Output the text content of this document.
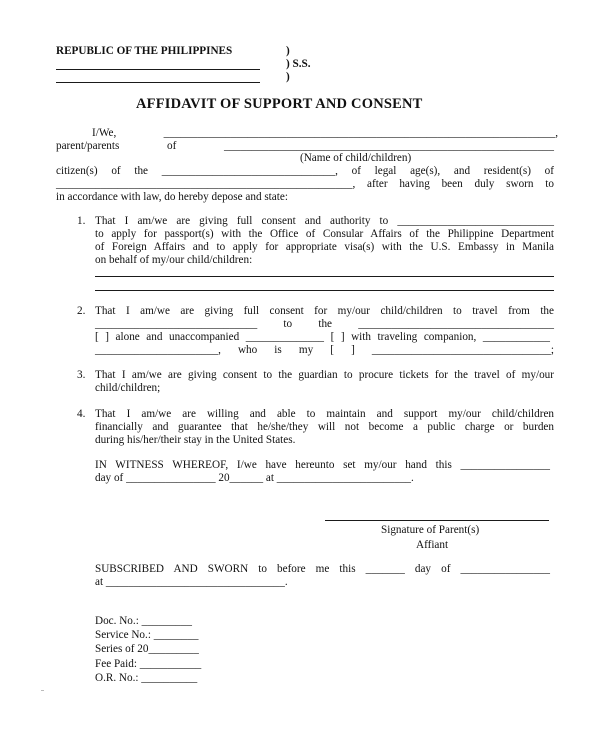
REPUBLIC OF THE PHILIPPINES	)
) S.S.
)
AFFIDAVIT OF SUPPORT AND CONSENT
I/We, ______________________________________________________________________,
parent/parents of ___________________________________________________________
(Name of child/children)
citizen(s) of the _______________________________, of legal age(s), and resident(s) of
_____________________________________________________, after having been duly sworn to
in accordance with law, do hereby depose and state:
1. That I am/we are giving full consent and authority to ____________________________
to apply for passport(s) with the Office of Consular Affairs of the Philippine Department
of Foreign Affairs and to apply for appropriate visa(s) with the U.S. Embassy in Manila
on behalf of my/our child/children:
2. That I am/we are giving full consent for my/our child/children to travel from the
_____________________________ to the ___________________________________
[ ] alone and unaccompanied ______________ [ ] with traveling companion, ____________
______________________, who is my [ ] ________________________________;
3. That I am/we are giving consent to the guardian to procure tickets for the travel of my/our
child/children;
4. That I am/we are willing and able to maintain and support my/our child/children
financially and guarantee that he/she/they will not become a public charge or burden
during his/her/their stay in the United States.
IN WITNESS WHEREOF, I/we have hereunto set my/our hand this ________________
day of ________________ 20______ at ________________________.
Signature of Parent(s)
Affiant
SUBSCRIBED AND SWORN to before me this _______ day of ________________
at ________________________________.
Doc. No.: _________
Service No.: ________
Series of 20_________
Fee Paid: ___________
O.R. No.: __________
